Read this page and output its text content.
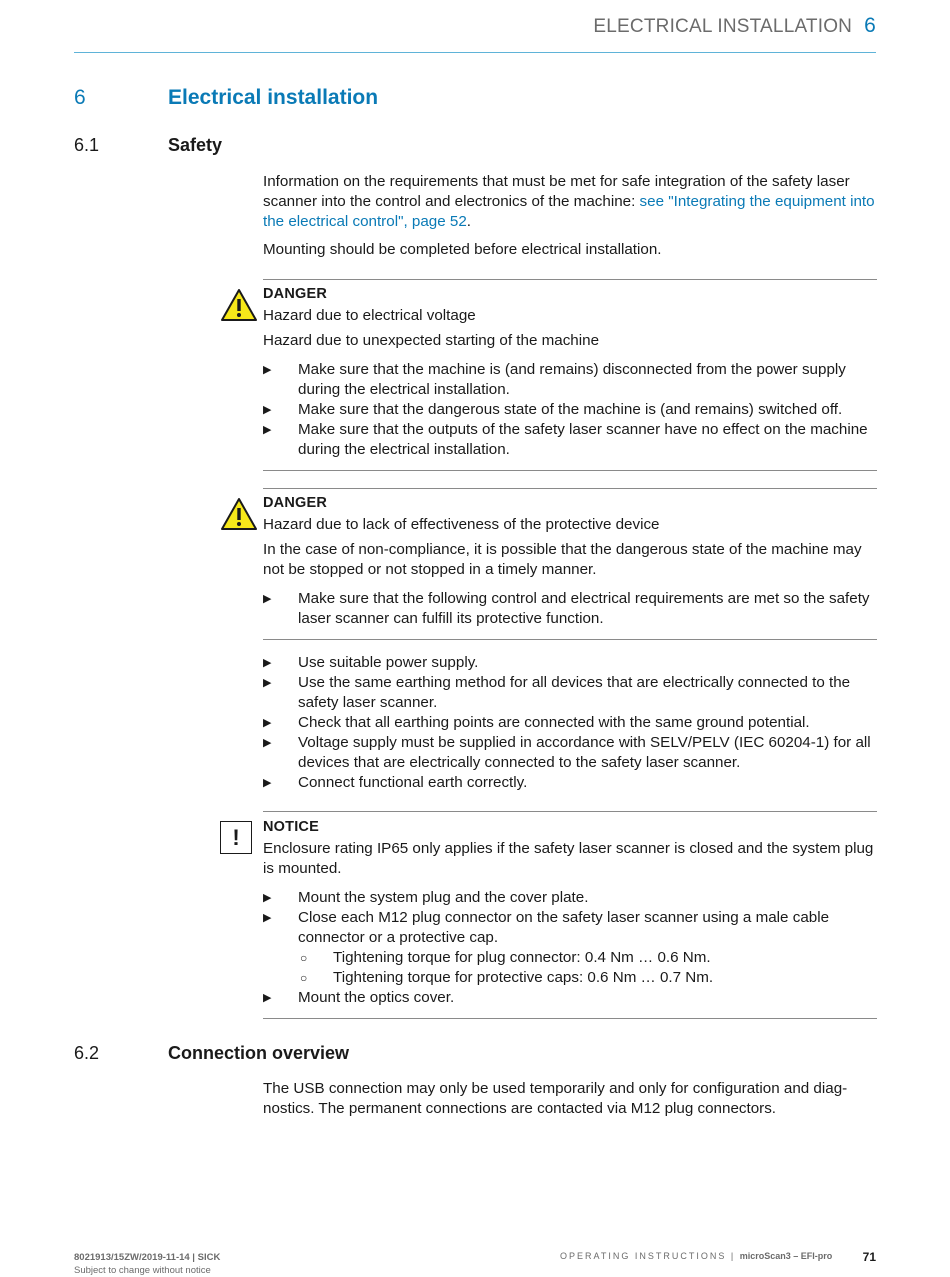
ELECTRICAL INSTALLATION 6
6	Electrical installation
6.1	Safety
Information on the requirements that must be met for safe integration of the safety laser scanner into the control and electronics of the machine: see "Integrating the equipment into the electrical control", page 52.
Mounting should be completed before electrical installation.
DANGER
Hazard due to electrical voltage
Hazard due to unexpected starting of the machine
▶ Make sure that the machine is (and remains) disconnected from the power supply during the electrical installation.
▶ Make sure that the dangerous state of the machine is (and remains) switched off.
▶ Make sure that the outputs of the safety laser scanner have no effect on the machine during the electrical installation.
DANGER
Hazard due to lack of effectiveness of the protective device
In the case of non-compliance, it is possible that the dangerous state of the machine may not be stopped or not stopped in a timely manner.
▶ Make sure that the following control and electrical requirements are met so the safety laser scanner can fulfill its protective function.
▶ Use suitable power supply.
▶ Use the same earthing method for all devices that are electrically connected to the safety laser scanner.
▶ Check that all earthing points are connected with the same ground potential.
▶ Voltage supply must be supplied in accordance with SELV/PELV (IEC 60204-1) for all devices that are electrically connected to the safety laser scanner.
▶ Connect functional earth correctly.
!	NOTICE
Enclosure rating IP65 only applies if the safety laser scanner is closed and the system plug is mounted.
▶ Mount the system plug and the cover plate.
▶ Close each M12 plug connector on the safety laser scanner using a male cable connector or a protective cap.
○ Tightening torque for plug connector: 0.4 Nm … 0.6 Nm.
○ Tightening torque for protective caps: 0.6 Nm … 0.7 Nm.
▶ Mount the optics cover.
6.2	Connection overview
The USB connection may only be used temporarily and only for configuration and diag-nostics. The permanent connections are contacted via M12 plug connectors.
8021913/15ZW/2019-11-14 | SICK
Subject to change without notice
OPERATING INSTRUCTIONS | microScan3 – EFI-pro	71
